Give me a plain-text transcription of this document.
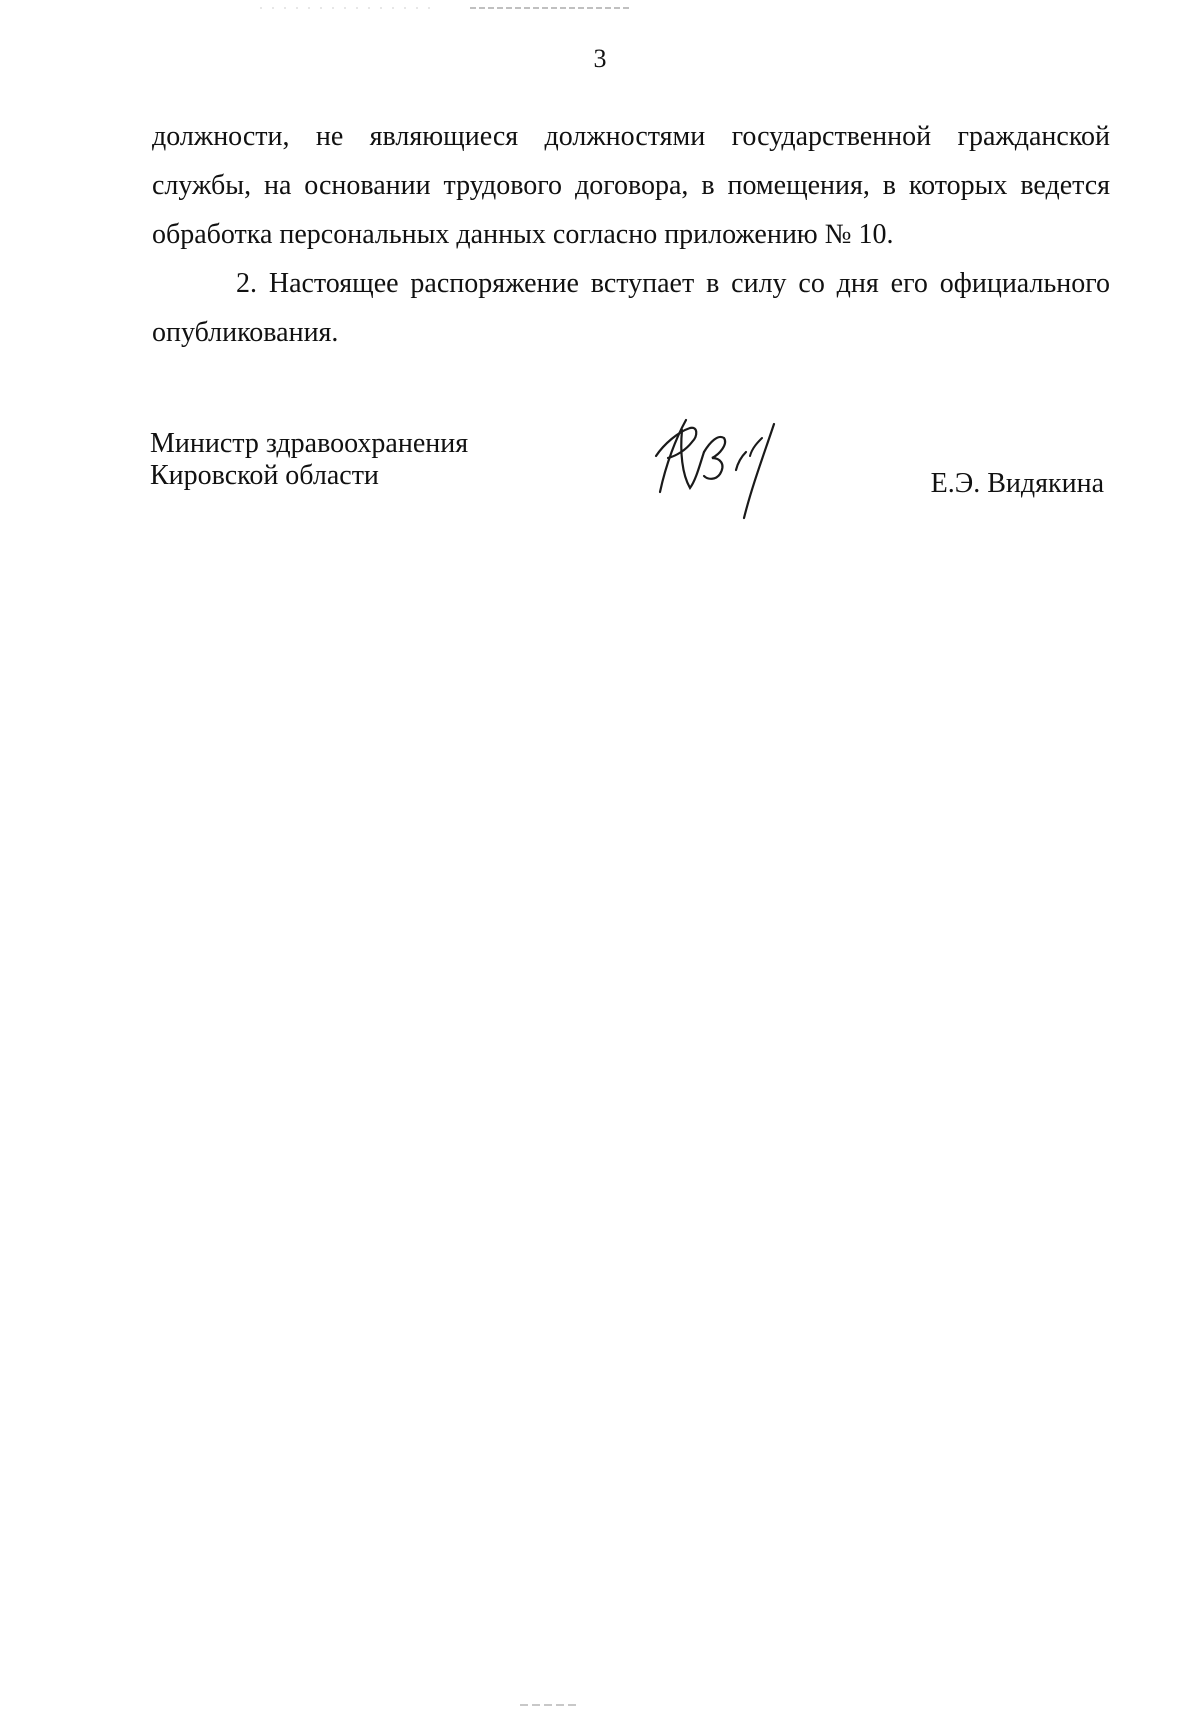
3

должности, не являющиеся должностями государственной гражданской службы, на основании трудового договора, в помещения, в которых ведется обработка персональных данных согласно приложению № 10.

2. Настоящее распоряжение вступает в силу со дня его официального опубликования.

Министр здравоохранения
Кировской области	Е.Э. Видякина
